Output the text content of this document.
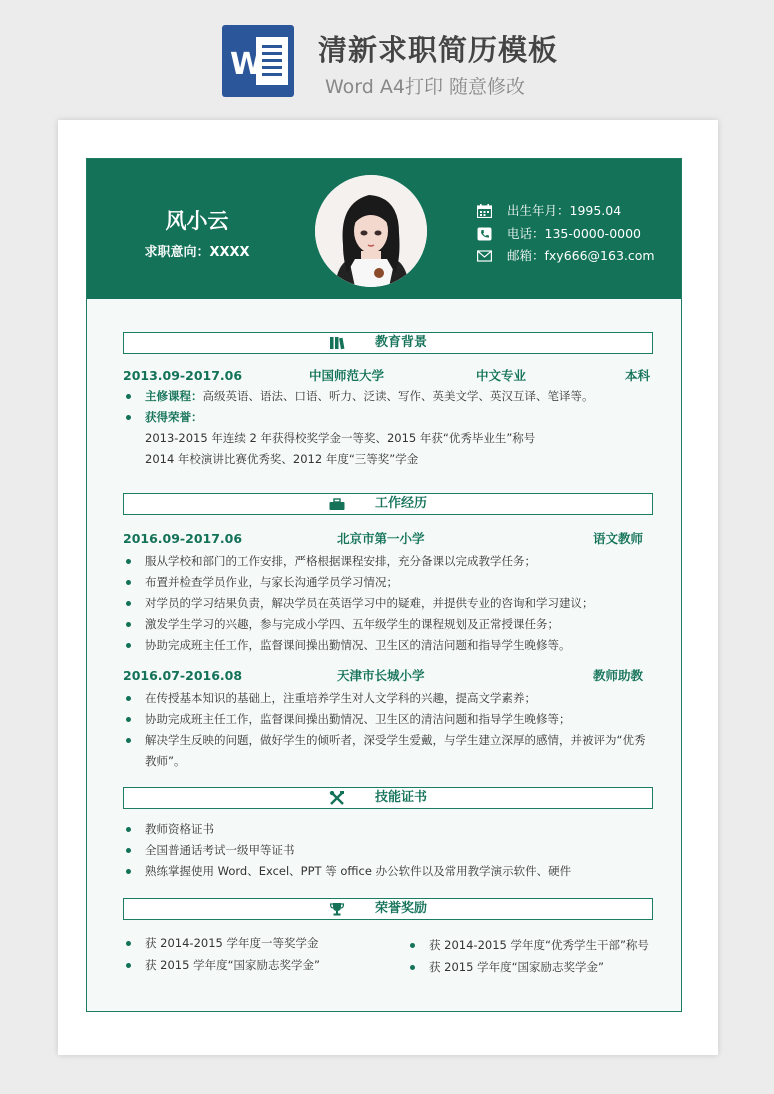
W 清新求职简历模板
Word A4打印 随意修改
风小云
求职意向：XXXX
出生年月：1995.04
电话：135-0000-0000
邮箱：fxy666@163.com
教育背景
2013.09-2017.06	中国师范大学	中文专业	本科
主修课程：高级英语、语法、口语、听力、泛读、写作、英美文学、英汉互译、笔译等。
获得荣誉：
2013-2015 年连续 2 年获得校奖学金一等奖、2015 年获“优秀毕业生”称号
2014 年校演讲比赛优秀奖、2012 年度“三等奖”学金
工作经历
2016.09-2017.06	北京市第一小学	语文教师
服从学校和部门的工作安排，严格根据课程安排，充分备课以完成教学任务；
布置并检查学员作业，与家长沟通学员学习情况；
对学员的学习结果负责，解决学员在英语学习中的疑难，并提供专业的咨询和学习建议；
激发学生学习的兴趣，参与完成小学四、五年级学生的课程规划及正常授课任务；
协助完成班主任工作，监督课间操出勤情况、卫生区的清洁问题和指导学生晚修等。
2016.07-2016.08	天津市长城小学	教师助教
在传授基本知识的基础上，注重培养学生对人文学科的兴趣，提高文学素养；
协助完成班主任工作，监督课间操出勤情况、卫生区的清洁问题和指导学生晚修等；
解决学生反映的问题，做好学生的倾听者，深受学生爱戴，与学生建立深厚的感情，并被评为“优秀
教师”。
技能证书
教师资格证书
全国普通话考试一级甲等证书
熟练掌握使用 Word、Excel、PPT 等 office 办公软件以及常用教学演示软件、硬件
荣誉奖励
获 2014-2015 学年度一等奖学金
获 2015 学年度“国家励志奖学金”
获 2014-2015 学年度“优秀学生干部”称号
获 2015 学年度“国家励志奖学金”
